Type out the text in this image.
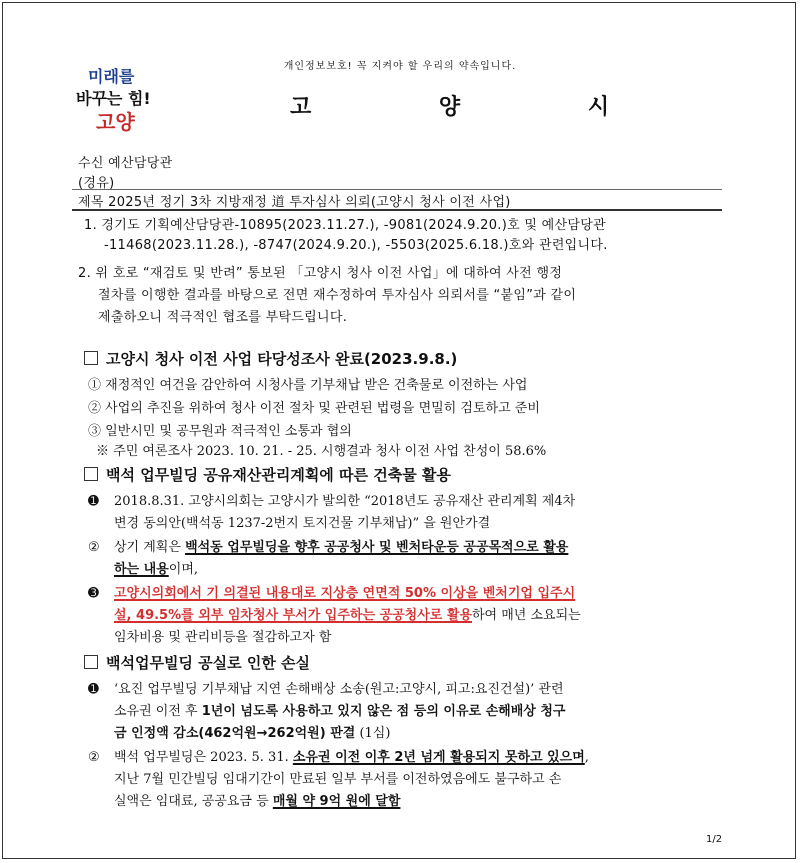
개인정보보호! 꼭 지켜야 할 우리의 약속입니다.
미래를
바꾸는 힘!
고양
고 양 시
수신 예산담당관
(경유)
제목 2025년 정기 3차 지방재정 道 투자심사 의뢰(고양시 청사 이전 사업)
1. 경기도 기획예산담당관-10895(2023.11.27.), -9081(2024.9.20.)호 및 예산담당관
-11468(2023.11.28.), -8747(2024.9.20.), -5503(2025.6.18.)호와 관련입니다.
2. 위 호로 “재검토 및 반려” 통보된 「고양시 청사 이전 사업」에 대하여 사전 행정
절차를 이행한 결과를 바탕으로 전면 재수정하여 투자심사 의뢰서를 “붙임”과 같이
제출하오니 적극적인 협조를 부탁드립니다.
고양시 청사 이전 사업 타당성조사 완료(2023.9.8.)
① 재정적인 여건을 감안하여 시청사를 기부채납 받은 건축물로 이전하는 사업
② 사업의 추진을 위하여 청사 이전 절차 및 관련된 법령을 면밀히 검토하고 준비
③ 일반시민 및 공무원과 적극적인 소통과 협의
※ 주민 여론조사 2023. 10. 21. - 25. 시행결과 청사 이전 사업 찬성이 58.6%
백석 업무빌딩 공유재산관리계획에 따른 건축물 활용
➊ 2018.8.31. 고양시의회는 고양시가 발의한 “2018년도 공유재산 관리계획 제4차
변경 동의안(백석동 1237-2번지 토지건물 기부채납)” 을 원안가결
② 상기 계획은 백석동 업무빌딩을 향후 공공청사 및 벤처타운등 공공목적으로 활용
하는 내용이며,
➌ 고양시의회에서 기 의결된 내용대로 지상층 연면적 50% 이상을 벤처기업 입주시
설, 49.5%를 외부 임차청사 부서가 입주하는 공공청사로 활용하여 매년 소요되는
임차비용 및 관리비등을 절감하고자 함
백석업무빌딩 공실로 인한 손실
➊ ‘요진 업무빌딩 기부채납 지연 손해배상 소송(원고:고양시, 피고:요진건설)’ 관련
소유권 이전 후 1년이 넘도록 사용하고 있지 않은 점 등의 이유로 손해배상 청구
금 인정액 감소(462억원→262억원) 판결 (1심)
② 백석 업무빌딩은 2023. 5. 31. 소유권 이전 이후 2년 넘게 활용되지 못하고 있으며,
지난 7월 민간빌딩 임대기간이 만료된 일부 부서를 이전하였음에도 불구하고 손
실액은 임대료, 공공요금 등 매월 약 9억 원에 달함
1/2
